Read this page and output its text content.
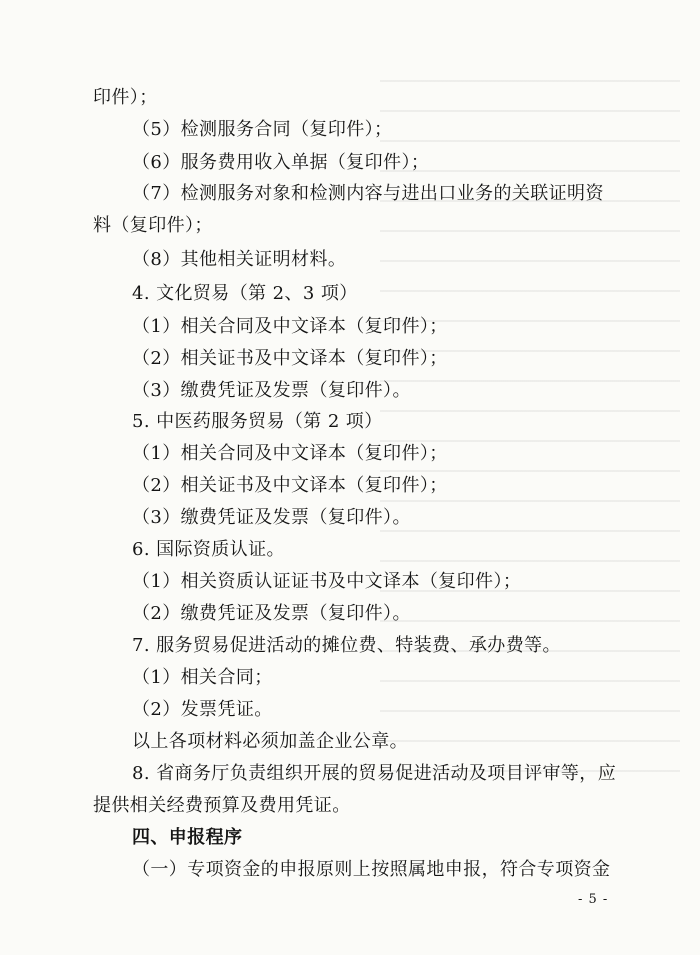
印件）；
（5）检测服务合同（复印件）；
（6）服务费用收入单据（复印件）；
（7）检测服务对象和检测内容与进出口业务的关联证明资
料（复印件）；
（8）其他相关证明材料。
4. 文化贸易（第 2、3 项）
（1）相关合同及中文译本（复印件）；
（2）相关证书及中文译本（复印件）；
（3）缴费凭证及发票（复印件）。
5. 中医药服务贸易（第 2 项）
（1）相关合同及中文译本（复印件）；
（2）相关证书及中文译本（复印件）；
（3）缴费凭证及发票（复印件）。
6. 国际资质认证。
（1）相关资质认证证书及中文译本（复印件）；
（2）缴费凭证及发票（复印件）。
7. 服务贸易促进活动的摊位费、特装费、承办费等。
（1）相关合同；
（2）发票凭证。
以上各项材料必须加盖企业公章。
8. 省商务厅负责组织开展的贸易促进活动及项目评审等，应
提供相关经费预算及费用凭证。
四、申报程序
（一）专项资金的申报原则上按照属地申报，符合专项资金
- 5 -
